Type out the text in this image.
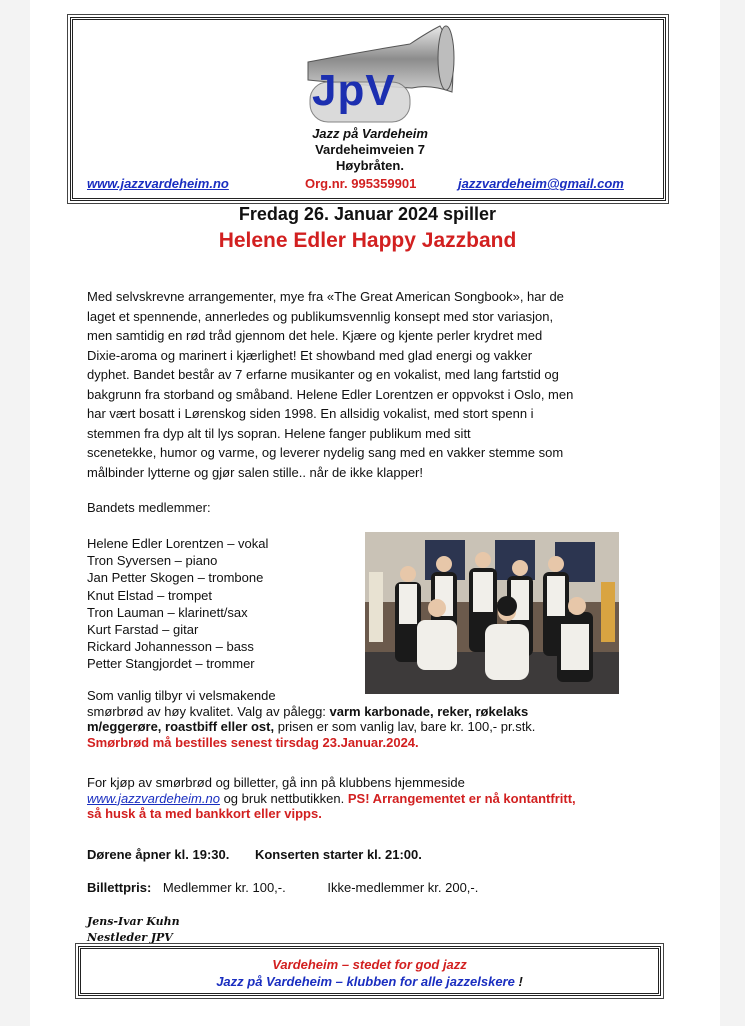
JpV
Jazz på Vardeheim
Vardeheimveien 7
Høybråten.
www.jazzvardeheim.no	Org.nr. 995359901	jazzvardeheim@gmail.com
Fredag 26. Januar 2024 spiller
Helene Edler Happy Jazzband
Med selvskrevne arrangementer, mye fra «The Great American Songbook», har de
laget et spennende, annerledes og publikumsvennlig konsept med stor variasjon,
men samtidig en rød tråd gjennom det hele. Kjære og kjente perler krydret med
Dixie-aroma og marinert i kjærlighet! Et showband med glad energi og vakker
dyphet. Bandet består av 7 erfarne musikanter og en vokalist, med lang fartstid og
bakgrunn fra storband og småband. Helene Edler Lorentzen er oppvokst i Oslo, men
har vært bosatt i Lørenskog siden 1998. En allsidig vokalist, med stort spenn i
stemmen fra dyp alt til lys sopran. Helene fanger publikum med sitt
scenetekke, humor og varme, og leverer nydelig sang med en vakker stemme som
målbinder lytterne og gjør salen stille.. når de ikke klapper!
Bandets medlemmer:
Helene Edler Lorentzen – vokal
Tron Syversen – piano
Jan Petter Skogen – trombone
Knut Elstad – trompet
Tron Lauman – klarinett/sax
Kurt Farstad – gitar
Rickard Johannesson – bass
Petter Stangjordet – trommer
Som vanlig tilbyr vi velsmakende
smørbrød av høy kvalitet. Valg av pålegg: varm karbonade, reker, røkelaks
m/eggerøre, roastbiff eller ost, prisen er som vanlig lav, bare kr. 100,- pr.stk.
Smørbrød må bestilles senest tirsdag 23.Januar.2024.
For kjøp av smørbrød og billetter, gå inn på klubbens hjemmeside
www.jazzvardeheim.no og bruk nettbutikken. PS! Arrangementet er nå kontantfritt,
så husk å ta med bankkort eller vipps.
Dørene åpner kl. 19:30. Konserten starter kl. 21:00.
Billettpris: Medlemmer kr. 100,-.	Ikke-medlemmer kr. 200,-.
Jens-Ivar Kuhn
Nestleder JPV
Vardeheim – stedet for god jazz
Jazz på Vardeheim – klubben for alle jazzelskere !
